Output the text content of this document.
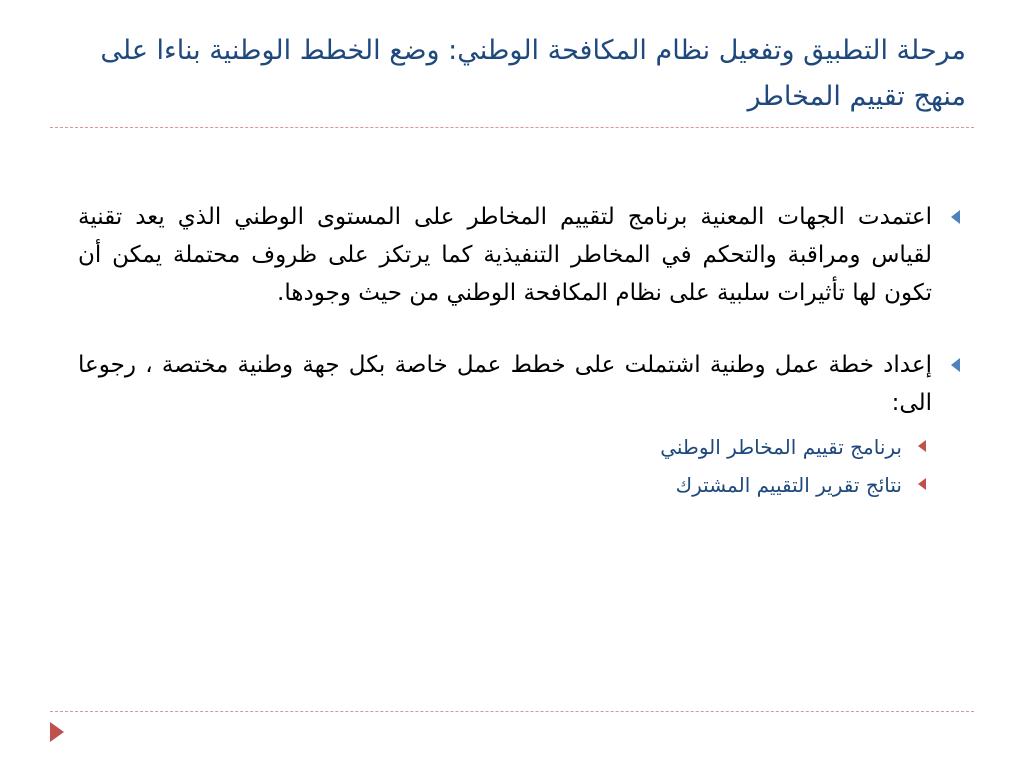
مرحلة التطبيق وتفعيل نظام المكافحة الوطني: وضع الخطط الوطنية بناءا على منهج تقييم المخاطر
اعتمدت الجهات المعنية برنامج لتقييم المخاطر على المستوى الوطني الذي يعد تقنية لقياس ومراقبة والتحكم في المخاطر التنفيذية كما يرتكز على ظروف محتملة يمكن أن تكون لها تأثيرات سلبية على نظام المكافحة الوطني من حيث وجودها.
إعداد خطة عمل وطنية اشتملت على خطط عمل خاصة بكل جهة وطنية مختصة ، رجوعا الى:
برنامج تقييم المخاطر الوطني
نتائج تقرير التقييم المشترك
